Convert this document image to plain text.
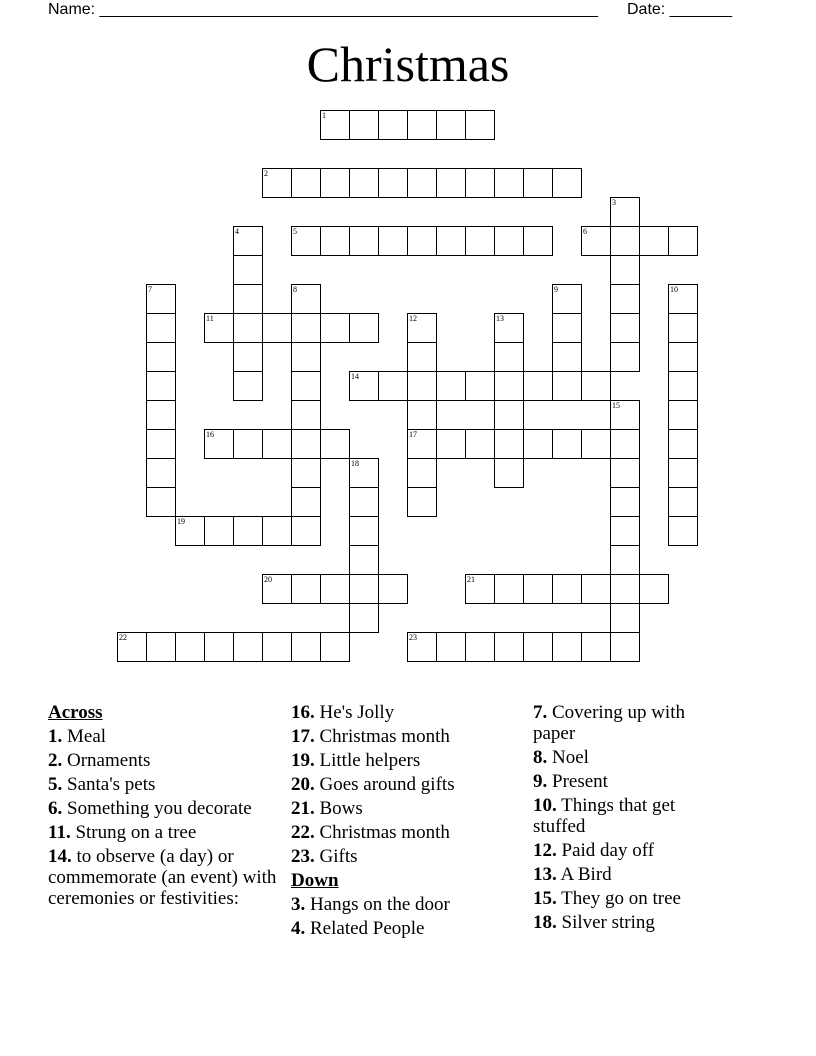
Name: ________________________________________________________ Date: _______
Christmas
1
2
5	6
11
14
16	17
19
20	21
22	23
3
4
7	8	9	10
12	13
15
18
Across
1. Meal
2. Ornaments
5. Santa's pets
6. Something you decorate
11. Strung on a tree
14. to observe (a day) or commemorate (an event) with ceremonies or festivities:
16. He's Jolly
17. Christmas month
19. Little helpers
20. Goes around gifts
21. Bows
22. Christmas month
23. Gifts
Down
3. Hangs on the door
4. Related People
7. Covering up with paper
8. Noel
9. Present
10. Things that get stuffed
12. Paid day off
13. A Bird
15. They go on tree
18. Silver string
